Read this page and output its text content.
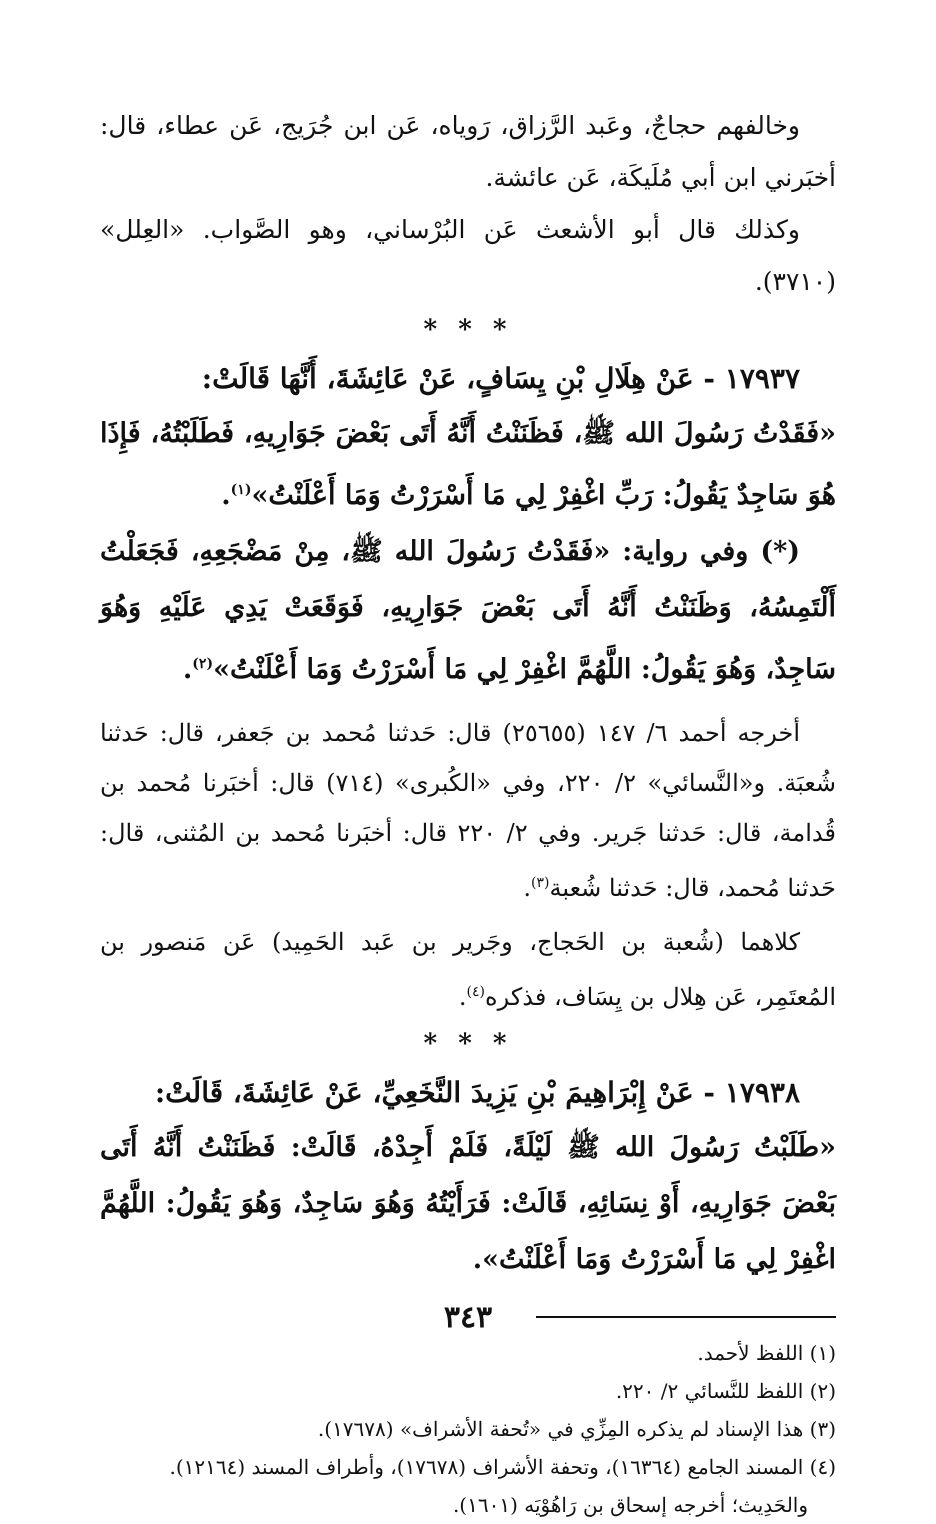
وخالفهم حجاجٌ، وعَبد الرَّزاق، رَوياه، عَن ابن جُرَيج، عَن عطاء، قال: أخبَرني ابن أبي مُلَيكَة، عَن عائشة.

وكذلك قال أبو الأشعث عَن البُرْساني، وهو الصَّواب. «العِلل» (٣٧١٠).

* * *

١٧٩٣٧ - عَنْ هِلَالِ بْنِ يِسَافٍ، عَنْ عَائِشَةَ، أَنَّهَا قَالَتْ:

«فَقَدْتُ رَسُولَ الله ﷺ، فَظَنَنْتُ أَنَّهُ أَتَى بَعْضَ جَوَارِيهِ، فَطَلَبْتُهُ، فَإِذَا هُوَ سَاجِدٌ يَقُولُ: رَبِّ اغْفِرْ لِي مَا أَسْرَرْتُ وَمَا أَعْلَنْتُ»$^{(١)}$.

(*) وفي رواية: «فَقَدْتُ رَسُولَ الله ﷺ، مِنْ مَضْجَعِهِ، فَجَعَلْتُ أَلْتَمِسُهُ، وَظَنَنْتُ أَنَّهُ أَتَى بَعْضَ جَوَارِيهِ، فَوَقَعَتْ يَدِي عَلَيْهِ وَهُوَ سَاجِدٌ، وَهُوَ يَقُولُ: اللَّهُمَّ اغْفِرْ لِي مَا أَسْرَرْتُ وَمَا أَعْلَنْتُ»$^{(٢)}$.

أخرجه أحمد ٦/ ١٤٧ (٢٥٦٥٥) قال: حَدثنا مُحمد بن جَعفر، قال: حَدثنا شُعبَة. و«النَّسائي» ٢/ ٢٢٠، وفي «الكُبرى» (٧١٤) قال: أخبَرنا مُحمد بن قُدامة، قال: حَدثنا جَرير. وفي ٢/ ٢٢٠ قال: أخبَرنا مُحمد بن المُثنى، قال: حَدثنا مُحمد، قال: حَدثنا شُعبة$^{(٣)}$.

كلاهما (شُعبة بن الحَجاج، وجَرير بن عَبد الحَمِيد) عَن مَنصور بن المُعتَمِر، عَن هِلال بن يِسَاف، فذكره$^{(٤)}$.

* * *

١٧٩٣٨ - عَنْ إِبْرَاهِيمَ بْنِ يَزِيدَ النَّخَعِيِّ، عَنْ عَائِشَةَ، قَالَتْ:

«طَلَبْتُ رَسُولَ الله ﷺ لَيْلَةً، فَلَمْ أَجِدْهُ، قَالَتْ: فَظَنَنْتُ أَنَّهُ أَتَى بَعْضَ جَوَارِيهِ، أَوْ نِسَائِهِ، قَالَتْ: فَرَأَيْتُهُ وَهُوَ سَاجِدٌ، وَهُوَ يَقُولُ: اللَّهُمَّ اغْفِرْ لِي مَا أَسْرَرْتُ وَمَا أَعْلَنْتُ».

(١) اللفظ لأحمد.

(٢) اللفظ للنَّسائي ٢/ ٢٢٠.

(٣) هذا الإسناد لم يذكره المِزِّي في «تُحفة الأشراف» (١٧٦٧٨).

(٤) المسند الجامع (١٦٣٦٤)، وتحفة الأشراف (١٧٦٧٨)، وأطراف المسند (١٢١٦٤).

والحَدِيث؛ أخرجه إسحاق بن رَاهُوْيَه (١٦٠١).

٣٤٣
